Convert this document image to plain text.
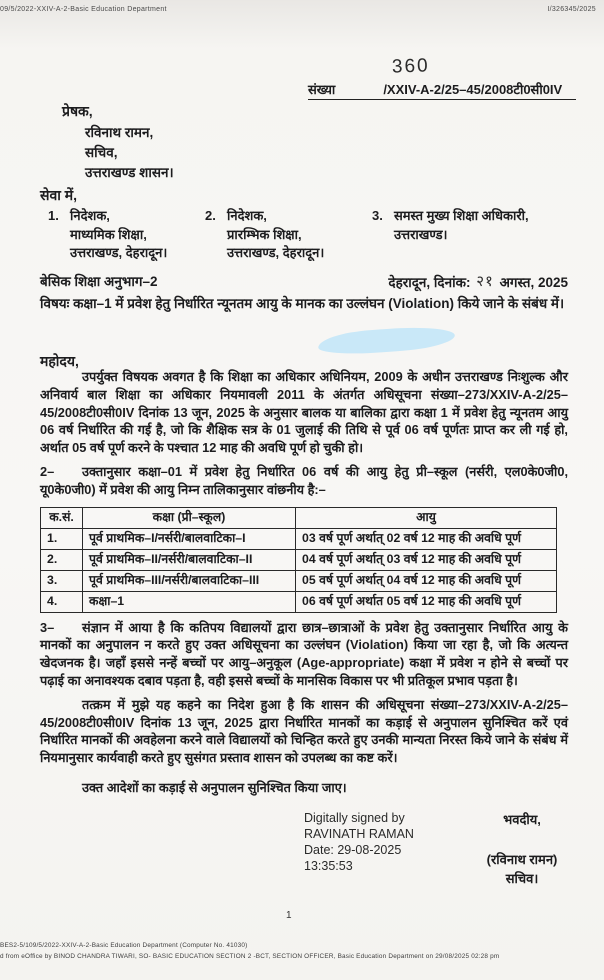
09/5/2022-XXIV-A-2-Basic Education Department	I/326345/2025
360
संख्या	/XXIV-A-2/25–45/2008टी0सी0IV
प्रेषक,
रविनाथ रामन,
सचिव,
उत्तराखण्ड शासन।
सेवा में,
1. निदेशक,
माध्यमिक शिक्षा,
उत्तराखण्ड, देहरादून।
2. निदेशक,
प्रारम्भिक शिक्षा,
उत्तराखण्ड, देहरादून।
3. समस्त मुख्य शिक्षा अधिकारी,
उत्तराखण्ड।
बेसिक शिक्षा अनुभाग–2	देहरादून, दिनांक: २१ अगस्त, 2025
विषयः कक्षा–1 में प्रवेश हेतु निर्धारित न्यूनतम आयु के मानक का उल्लंघन (Violation) किये जाने के संबंध में।
महोदय,

उपर्युक्त विषयक अवगत है कि शिक्षा का अधिकार अधिनियम, 2009 के अधीन उत्तराखण्ड निःशुल्क और अनिवार्य बाल शिक्षा का अधिकार नियमावली 2011 के अंतर्गत अधिसूचना संख्या–273/XXIV-A-2/25–45/2008टी0सी0IV दिनांक 13 जून, 2025 के अनुसार बालक या बालिका द्वारा कक्षा 1 में प्रवेश हेतु न्यूनतम आयु 06 वर्ष निर्धारित की गई है, जो कि शैक्षिक सत्र के 01 जुलाई की तिथि से पूर्व 06 वर्ष पूर्णतः प्राप्त कर ली गई हो, अर्थात 05 वर्ष पूर्ण करने के पश्चात 12 माह की अवधि पूर्ण हो चुकी हो।

2– उक्तानुसार कक्षा–01 में प्रवेश हेतु निर्धारित 06 वर्ष की आयु हेतु प्री–स्कूल (नर्सरी, एल0के0जी0, यू0के0जी0) में प्रवेश की आयु निम्न तालिकानुसार वांछनीय है:–

क.सं.	कक्षा (प्री–स्कूल)	आयु
1.	पूर्व प्राथमिक–I/नर्सरी/बालवाटिका–I	03 वर्ष पूर्ण अर्थात् 02 वर्ष 12 माह की अवधि पूर्ण
2.	पूर्व प्राथमिक–II/नर्सरी/बालवाटिका–II	04 वर्ष पूर्ण अर्थात् 03 वर्ष 12 माह की अवधि पूर्ण
3.	पूर्व प्राथमिक–III/नर्सरी/बालवाटिका–III	05 वर्ष पूर्ण अर्थात् 04 वर्ष 12 माह की अवधि पूर्ण
4.	कक्षा–1	06 वर्ष पूर्ण अर्थात 05 वर्ष 12 माह की अवधि पूर्ण

3– संज्ञान में आया है कि कतिपय विद्यालयों द्वारा छात्र–छात्राओं के प्रवेश हेतु उक्तानुसार निर्धारित आयु के मानकों का अनुपालन न करते हुए उक्त अधिसूचना का उल्लंघन (Violation) किया जा रहा है, जो कि अत्यन्त खेदजनक है। जहाँ इससे नन्हें बच्चों पर आयु–अनुकूल (Age-appropriate) कक्षा में प्रवेश न होने से बच्चों पर पढ़ाई का अनावश्यक दबाव पड़ता है, वही इससे बच्चों के मानसिक विकास पर भी प्रतिकूल प्रभाव पड़ता है।

तत्क्रम में मुझे यह कहने का निदेश हुआ है कि शासन की अधिसूचना संख्या–273/XXIV-A-2/25–45/2008टी0सी0IV दिनांक 13 जून, 2025 द्वारा निर्धारित मानकों का कड़ाई से अनुपालन सुनिश्चित करें एवं निर्धारित मानकों की अवहेलना करने वाले विद्यालयों को चिन्हित करते हुए उनकी मान्यता निरस्त किये जाने के संबंध में नियमानुसार कार्यवाही करते हुए सुसंगत प्रस्ताव शासन को उपलब्ध का कष्ट करें।

उक्त आदेशों का कड़ाई से अनुपालन सुनिश्चित किया जाए।

Digitally signed by
RAVINATH RAMAN
Date: 29-08-2025
13:35:53
भवदीय,
(रविनाथ रामन)
सचिव।
1
BES2-5/109/5/2022-XXIV-A-2-Basic Education Department (Computer No. 41030)
d from eOffice by BINOD CHANDRA TIWARI, SO- BASIC EDUCATION SECTION 2 -BCT, SECTION OFFICER, Basic Education Department on 29/08/2025 02:28 pm
